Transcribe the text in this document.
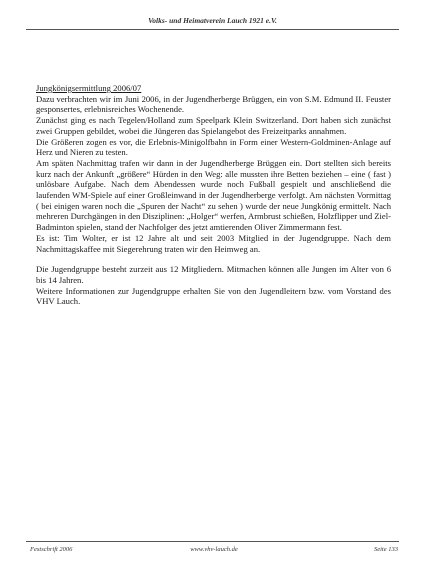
Volks- und Heimatverein Lauch 1921 e.V.

Jungkönigsermittlung 2006/07

Dazu verbrachten wir im Juni 2006, in der Jugendherberge Brüggen, ein von S.M. Edmund II. Feuster gesponsertes, erlebnisreiches Wochenende.

Zunächst ging es nach Tegelen/Holland zum Speelpark Klein Switzerland. Dort haben sich zunächst zwei Gruppen gebildet, wobei die Jüngeren das Spielangebot des Freizeitparks annahmen.

Die Größeren zogen es vor, die Erlebnis-Minigolfbahn in Form einer Western-Goldminen-Anlage auf Herz und Nieren zu testen.

Am späten Nachmittag trafen wir dann in der Jugendherberge Brüggen ein. Dort stellten sich bereits kurz nach der Ankunft „größere“ Hürden in den Weg: alle mussten ihre Betten beziehen – eine ( fast ) unlösbare Aufgabe. Nach dem Abendessen wurde noch Fußball gespielt und anschließend die laufenden WM-Spiele auf einer Großleinwand in der Jugendherberge verfolgt. Am nächsten Vormittag ( bei einigen waren noch die „Spuren der Nacht“ zu sehen ) wurde der neue Jungkönig ermittelt. Nach mehreren Durchgängen in den Disziplinen: „Holger“ werfen, Armbrust schießen, Holzflipper und Ziel-Badminton spielen, stand der Nachfolger des jetzt amtierenden Oliver Zimmermann fest.

Es ist: Tim Wolter, er ist 12 Jahre alt und seit 2003 Mitglied in der Jugendgruppe. Nach dem Nachmittagskaffee mit Siegerehrung traten wir den Heimweg an.

Die Jugendgruppe besteht zurzeit aus 12 Mitgliedern. Mitmachen können alle Jungen im Alter von 6 bis 14 Jahren.

Weitere Informationen zur Jugendgruppe erhalten Sie von den Jugendleitern bzw. vom Vorstand des VHV Lauch.

Festschrift 2006	www.vhv-lauch.de	Seite 133
